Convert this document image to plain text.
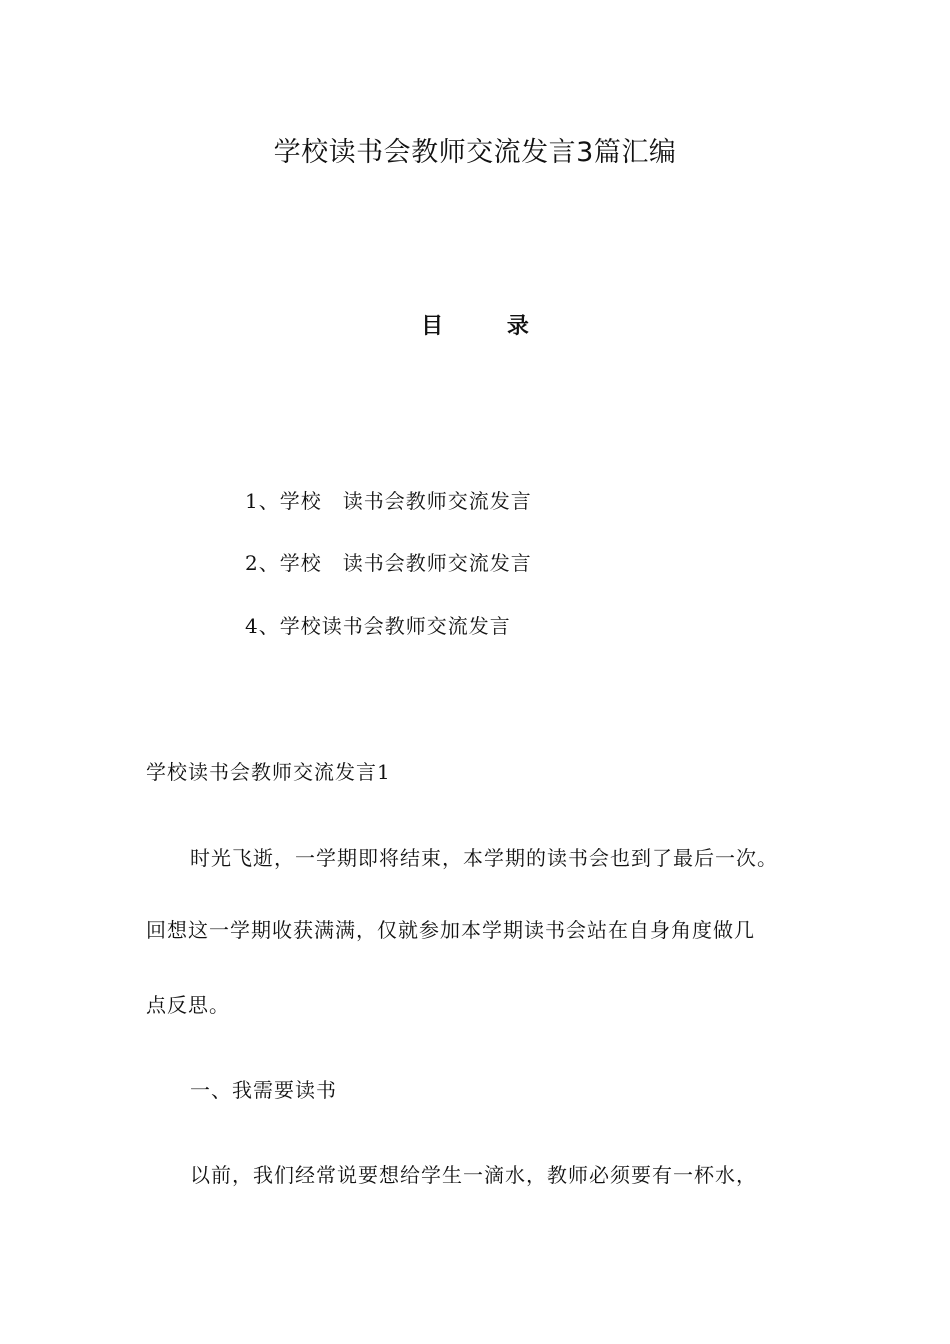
学校读书会教师交流发言3篇汇编
目 录
1、学校　读书会教师交流发言
2、学校　读书会教师交流发言
4、学校读书会教师交流发言
学校读书会教师交流发言1
时光飞逝，一学期即将结束，本学期的读书会也到了最后一次。
回想这一学期收获满满，仅就参加本学期读书会站在自身角度做几
点反思。
一、我需要读书
以前，我们经常说要想给学生一滴水，教师必须要有一杯水，
